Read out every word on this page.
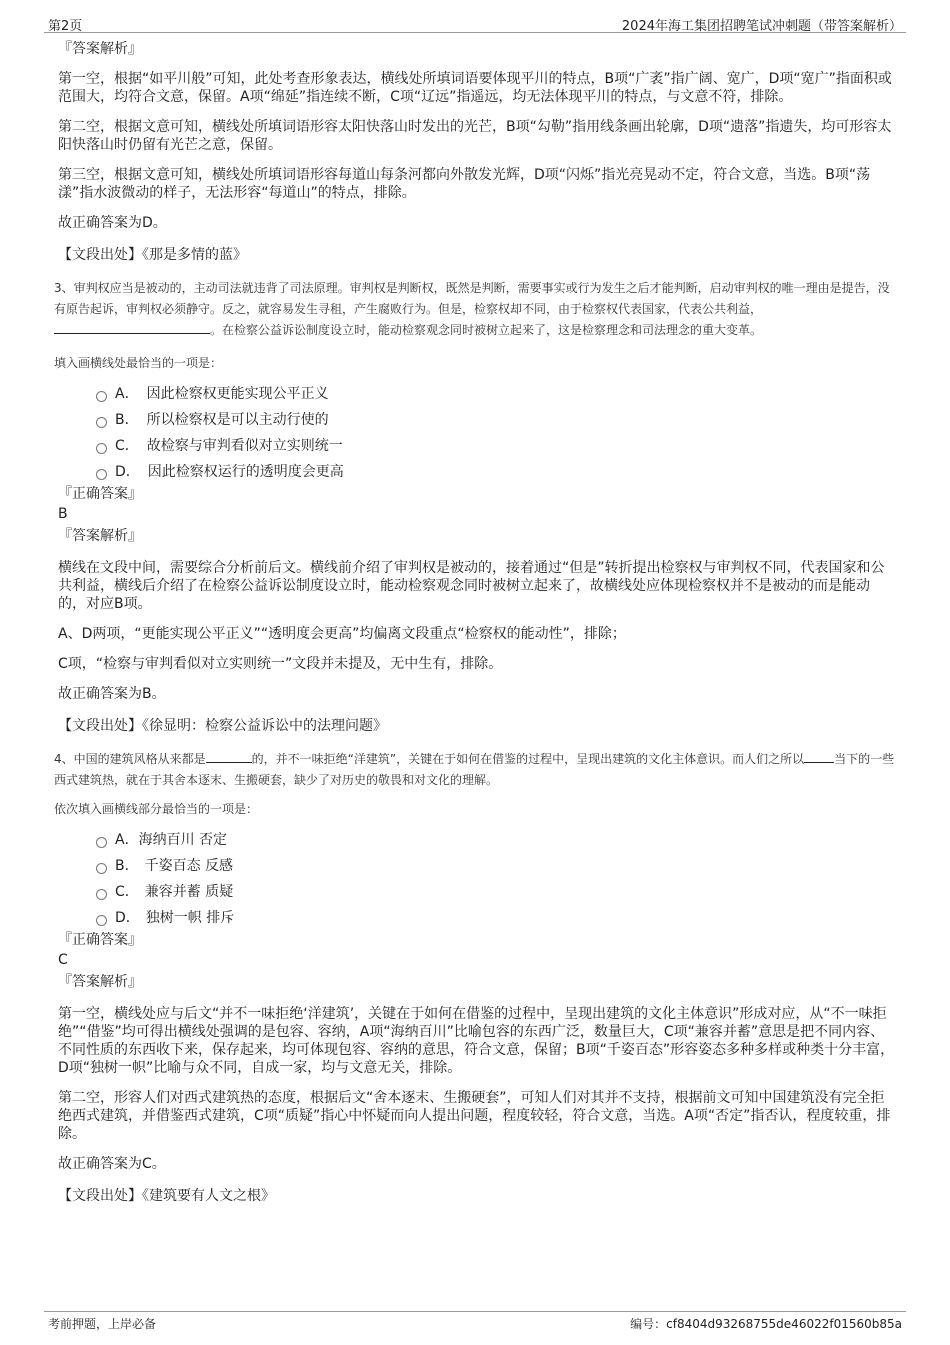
第2页	2024年海工集团招聘笔试冲刺题（带答案解析）
『答案解析』
第一空，根据“如平川般”可知，此处考查形象表达，横线处所填词语要体现平川的特点，B项“广袤”指广阔、宽广，D项“宽广”指面积或范围大，均符合文意，保留。A项“绵延”指连续不断，C项“辽远”指遥远，均无法体现平川的特点，与文意不符，排除。
第二空，根据文意可知，横线处所填词语形容太阳快落山时发出的光芒，B项“勾勒”指用线条画出轮廓，D项“遗落”指遗失，均可形容太阳快落山时仍留有光芒之意，保留。
第三空，根据文意可知，横线处所填词语形容每道山每条河都向外散发光辉，D项“闪烁”指光亮晃动不定，符合文意，当选。B项“荡漾”指水波微动的样子，无法形容“每道山”的特点，排除。
故正确答案为D。
【文段出处】《那是多情的蓝》
3、审判权应当是被动的，主动司法就违背了司法原理。审判权是判断权，既然是判断，需要事实或行为发生之后才能判断，启动审判权的唯一理由是提告，没有原告起诉，审判权必须静守。反之，就容易发生寻租，产生腐败行为。但是，检察权却不同，由于检察权代表国家，代表公共利益，。在检察公益诉讼制度设立时，能动检察观念同时被树立起来了，这是检察理念和司法理念的重大变革。
填入画横线处最恰当的一项是：
A． 因此检察权更能实现公平正义
B． 所以检察权是可以主动行使的
C． 故检察与审判看似对立实则统一
D． 因此检察权运行的透明度会更高
『正确答案』
B
『答案解析』
横线在文段中间，需要综合分析前后文。横线前介绍了审判权是被动的，接着通过“但是”转折提出检察权与审判权不同，代表国家和公共利益，横线后介绍了在检察公益诉讼制度设立时，能动检察观念同时被树立起来了，故横线处应体现检察权并不是被动的而是能动的，对应B项。
A、D两项，“更能实现公平正义”“透明度会更高”均偏离文段重点“检察权的能动性”，排除；
C项，“检察与审判看似对立实则统一”文段并未提及，无中生有，排除。
故正确答案为B。
【文段出处】《徐显明：检察公益诉讼中的法理问题》
4、中国的建筑风格从来都是	的，并不一味拒绝“洋建筑”，关键在于如何在借鉴的过程中，呈现出建筑的文化主体意识。而人们之所以	当下的一些西式建筑热，就在于其舍本逐末、生搬硬套，缺少了对历史的敬畏和对文化的理解。
依次填入画横线部分最恰当的一项是：
A． 海纳百川 否定
B． 千姿百态 反感
C． 兼容并蓄 质疑
D． 独树一帜 排斥
『正确答案』
C
『答案解析』
第一空，横线处应与后文“并不一味拒绝‘洋建筑’，关键在于如何在借鉴的过程中，呈现出建筑的文化主体意识”形成对应，从“不一味拒绝”“借鉴”均可得出横线处强调的是包容、容纳，A项“海纳百川”比喻包容的东西广泛，数量巨大，C项“兼容并蓄”意思是把不同内容、不同性质的东西收下来，保存起来，均可体现包容、容纳的意思，符合文意，保留；B项“千姿百态”形容姿态多种多样或种类十分丰富，D项“独树一帜”比喻与众不同，自成一家，均与文意无关，排除。
第二空，形容人们对西式建筑热的态度，根据后文“舍本逐末、生搬硬套”，可知人们对其并不支持，根据前文可知中国建筑没有完全拒绝西式建筑，并借鉴西式建筑，C项“质疑”指心中怀疑而向人提出问题，程度较轻，符合文意，当选。A项“否定”指否认，程度较重，排除。
故正确答案为C。
【文段出处】《建筑要有人文之根》
考前押题，上岸必备	编号：cf8404d93268755de46022f01560b85a
